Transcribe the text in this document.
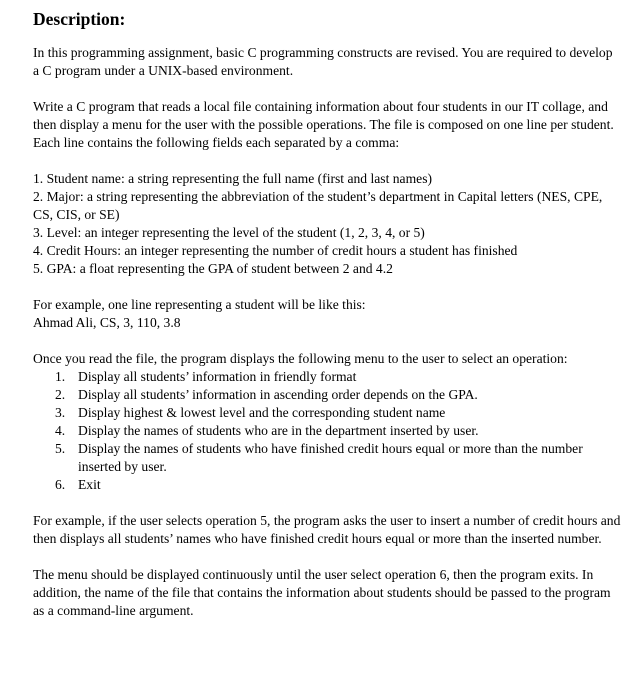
Description:

In this programming assignment, basic C programming constructs are revised. You are required to develop a C program under a UNIX-based environment.

Write a C program that reads a local file containing information about four students in our IT collage, and then display a menu for the user with the possible operations. The file is composed on one line per student. Each line contains the following fields each separated by a comma:

1. Student name: a string representing the full name (first and last names)
2. Major: a string representing the abbreviation of the student’s department in Capital letters (NES, CPE, CS, CIS, or SE)
3. Level: an integer representing the level of the student (1, 2, 3, 4, or 5)
4. Credit Hours: an integer representing the number of credit hours a student has finished
5. GPA: a float representing the GPA of student between 2 and 4.2

For example, one line representing a student will be like this:

Ahmad Ali, CS, 3, 110, 3.8

Once you read the file, the program displays the following menu to the user to select an operation:

1. Display all students’ information in friendly format
2. Display all students’ information in ascending order depends on the GPA.
3. Display highest & lowest level and the corresponding student name
4. Display the names of students who are in the department inserted by user.
5. Display the names of students who have finished credit hours equal or more than the number inserted by user.
6. Exit

For example, if the user selects operation 5, the program asks the user to insert a number of credit hours and then displays all students’ names who have finished credit hours equal or more than the inserted number.

The menu should be displayed continuously until the user select operation 6, then the program exits. In addition, the name of the file that contains the information about students should be passed to the program as a command-line argument.
